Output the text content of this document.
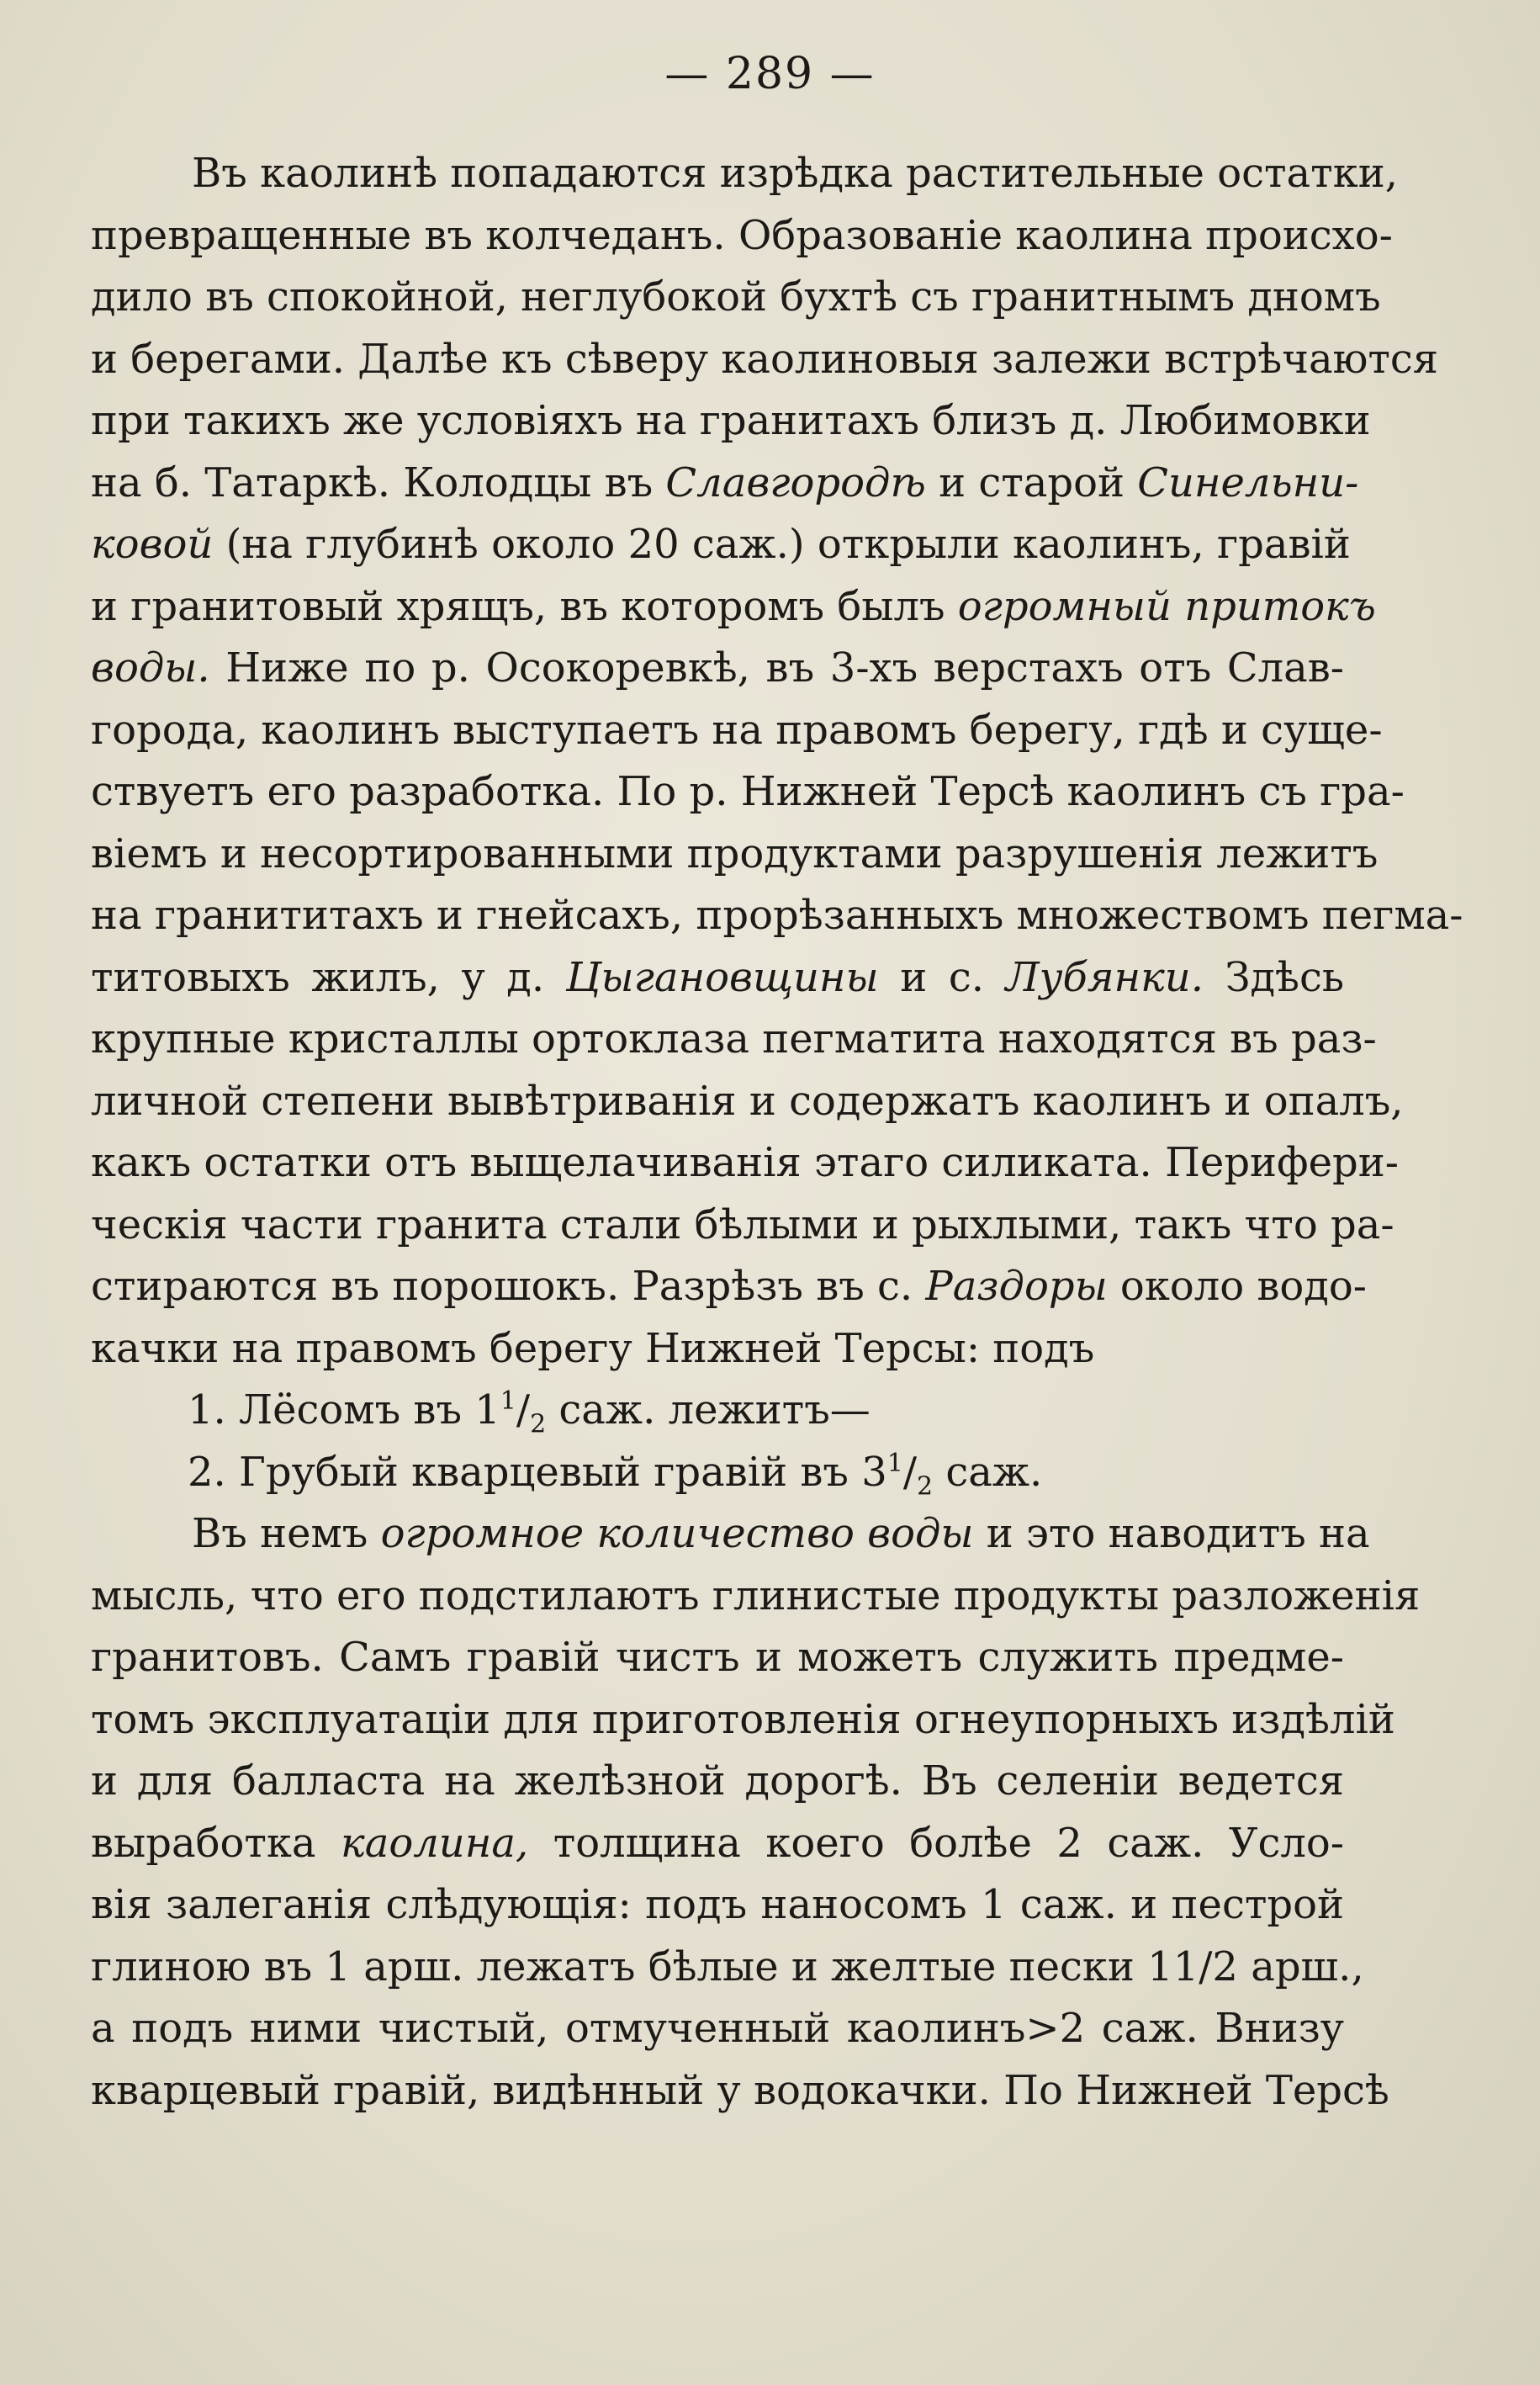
— 289 —
Въ каолинѣ попадаются изрѣдка растительные остатки,
превращенные въ колчеданъ. Образованіе каолина происхо-
дило въ спокойной, неглубокой бухтѣ съ гранитнымъ дномъ
и берегами. Далѣе къ сѣверу каолиновыя залежи встрѣчаются
при такихъ же условіяхъ на гранитахъ близъ д. Любимовки
на б. Татаркѣ. Колодцы въ Славгородѣ и старой Синельни-
ковой (на глубинѣ около 20 саж.) открыли каолинъ, гравій
и гранитовый хрящъ, въ которомъ былъ огромный притокъ
воды. Ниже по р. Осокоревкѣ, въ 3-хъ верстахъ отъ Слав-
города, каолинъ выступаетъ на правомъ берегу, гдѣ и суще-
ствуетъ его разработка. По р. Нижней Терсѣ каолинъ съ гра-
віемъ и несортированными продуктами разрушенія лежитъ
на гранититахъ и гнейсахъ, прорѣзанныхъ множествомъ пегма-
титовыхъ жилъ, у д. Цыгановщины и с. Лубянки. Здѣсь
крупные кристаллы ортоклаза пегматита находятся въ раз-
личной степени вывѣтриванія и содержатъ каолинъ и опалъ,
какъ остатки отъ выщелачиванія этаго силиката. Перифери-
ческія части гранита стали бѣлыми и рыхлыми, такъ что ра-
стираются въ порошокъ. Разрѣзъ въ с. Раздоры около водо-
качки на правомъ берегу Нижней Терсы: подъ
1. Лёсомъ въ $1^1/_2$ саж. лежитъ—
2. Грубый кварцевый гравій въ $3^1/_2$ саж.
Въ немъ огромное количество воды и это наводитъ на
мысль, что его подстилаютъ глинистые продукты разложенія
гранитовъ. Самъ гравій чистъ и можетъ служить предме-
томъ эксплуатаціи для приготовленія огнеупорныхъ издѣлій
и для балласта на желѣзной дорогѣ. Въ селеніи ведется
выработка каолина, толщина коего болѣе 2 саж. Усло-
вія залеганія слѣдующія: подъ наносомъ 1 саж. и пестрой
глиною въ 1 арш. лежатъ бѣлые и желтые пески 11/2 арш.,
а подъ ними чистый, отмученный каолинъ>2 саж. Внизу
кварцевый гравій, видѣнный у водокачки. По Нижней Терсѣ
